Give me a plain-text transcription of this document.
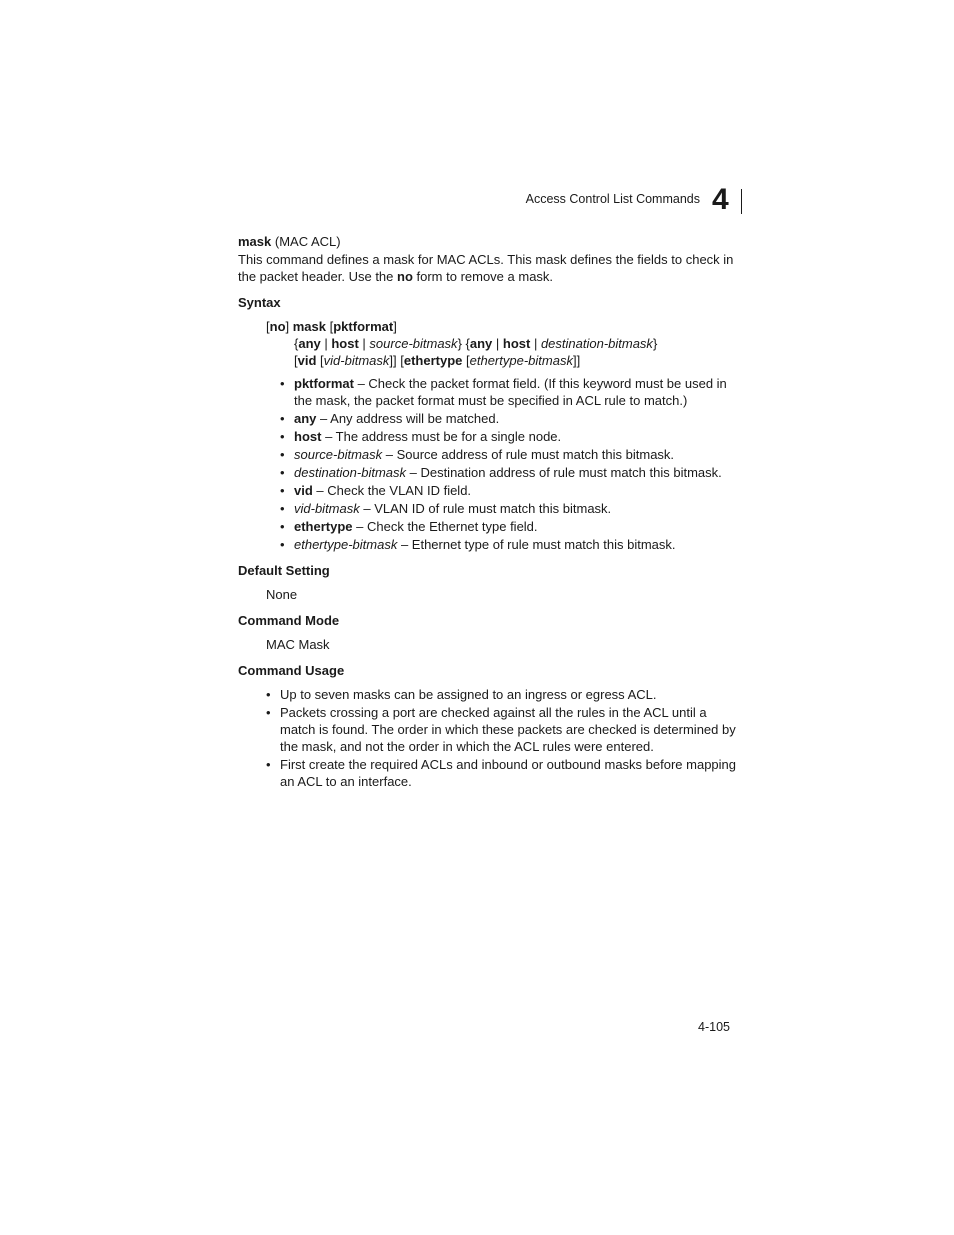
Access Control List Commands 4

mask (MAC ACL)

This command defines a mask for MAC ACLs. This mask defines the fields to check in the packet header. Use the no form to remove a mask.

Syntax

[no] mask [pktformat]
{any | host | source-bitmask} {any | host | destination-bitmask}
[vid [vid-bitmask]] [ethertype [ethertype-bitmask]]
• pktformat – Check the packet format field. (If this keyword must be used in the mask, the packet format must be specified in ACL rule to match.)
• any – Any address will be matched.
• host – The address must be for a single node.
• source-bitmask – Source address of rule must match this bitmask.
• destination-bitmask – Destination address of rule must match this bitmask.
• vid – Check the VLAN ID field.
• vid-bitmask – VLAN ID of rule must match this bitmask.
• ethertype – Check the Ethernet type field.
• ethertype-bitmask – Ethernet type of rule must match this bitmask.

Default Setting

None

Command Mode

MAC Mask

Command Usage

• Up to seven masks can be assigned to an ingress or egress ACL.
• Packets crossing a port are checked against all the rules in the ACL until a match is found. The order in which these packets are checked is determined by the mask, and not the order in which the ACL rules were entered.
• First create the required ACLs and inbound or outbound masks before mapping an ACL to an interface.
4-105
